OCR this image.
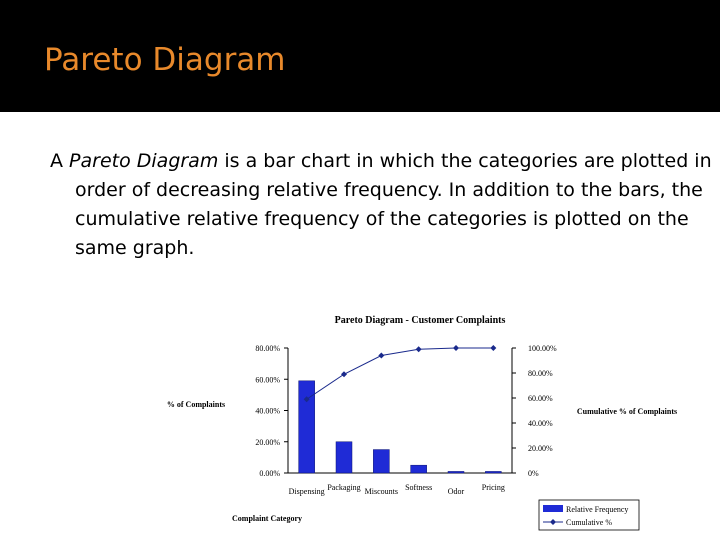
Pareto Diagram

A Pareto Diagram is a bar chart in which the categories are plotted in order of decreasing relative frequency. In addition to the bars, the cumulative relative frequency of the categories is plotted on the same graph.

Pareto Diagram - Customer Complaints
0.00%
20.00%
40.00%
60.00%
80.00%
0%
20.00%
40.00%
60.00%
80.00%
100.00%
% of Complaints
Cumulative % of Complaints
Complaint Category
Dispensing Packaging Miscounts Softness Odor Pricing
Relative Frequency
Cumulative %
